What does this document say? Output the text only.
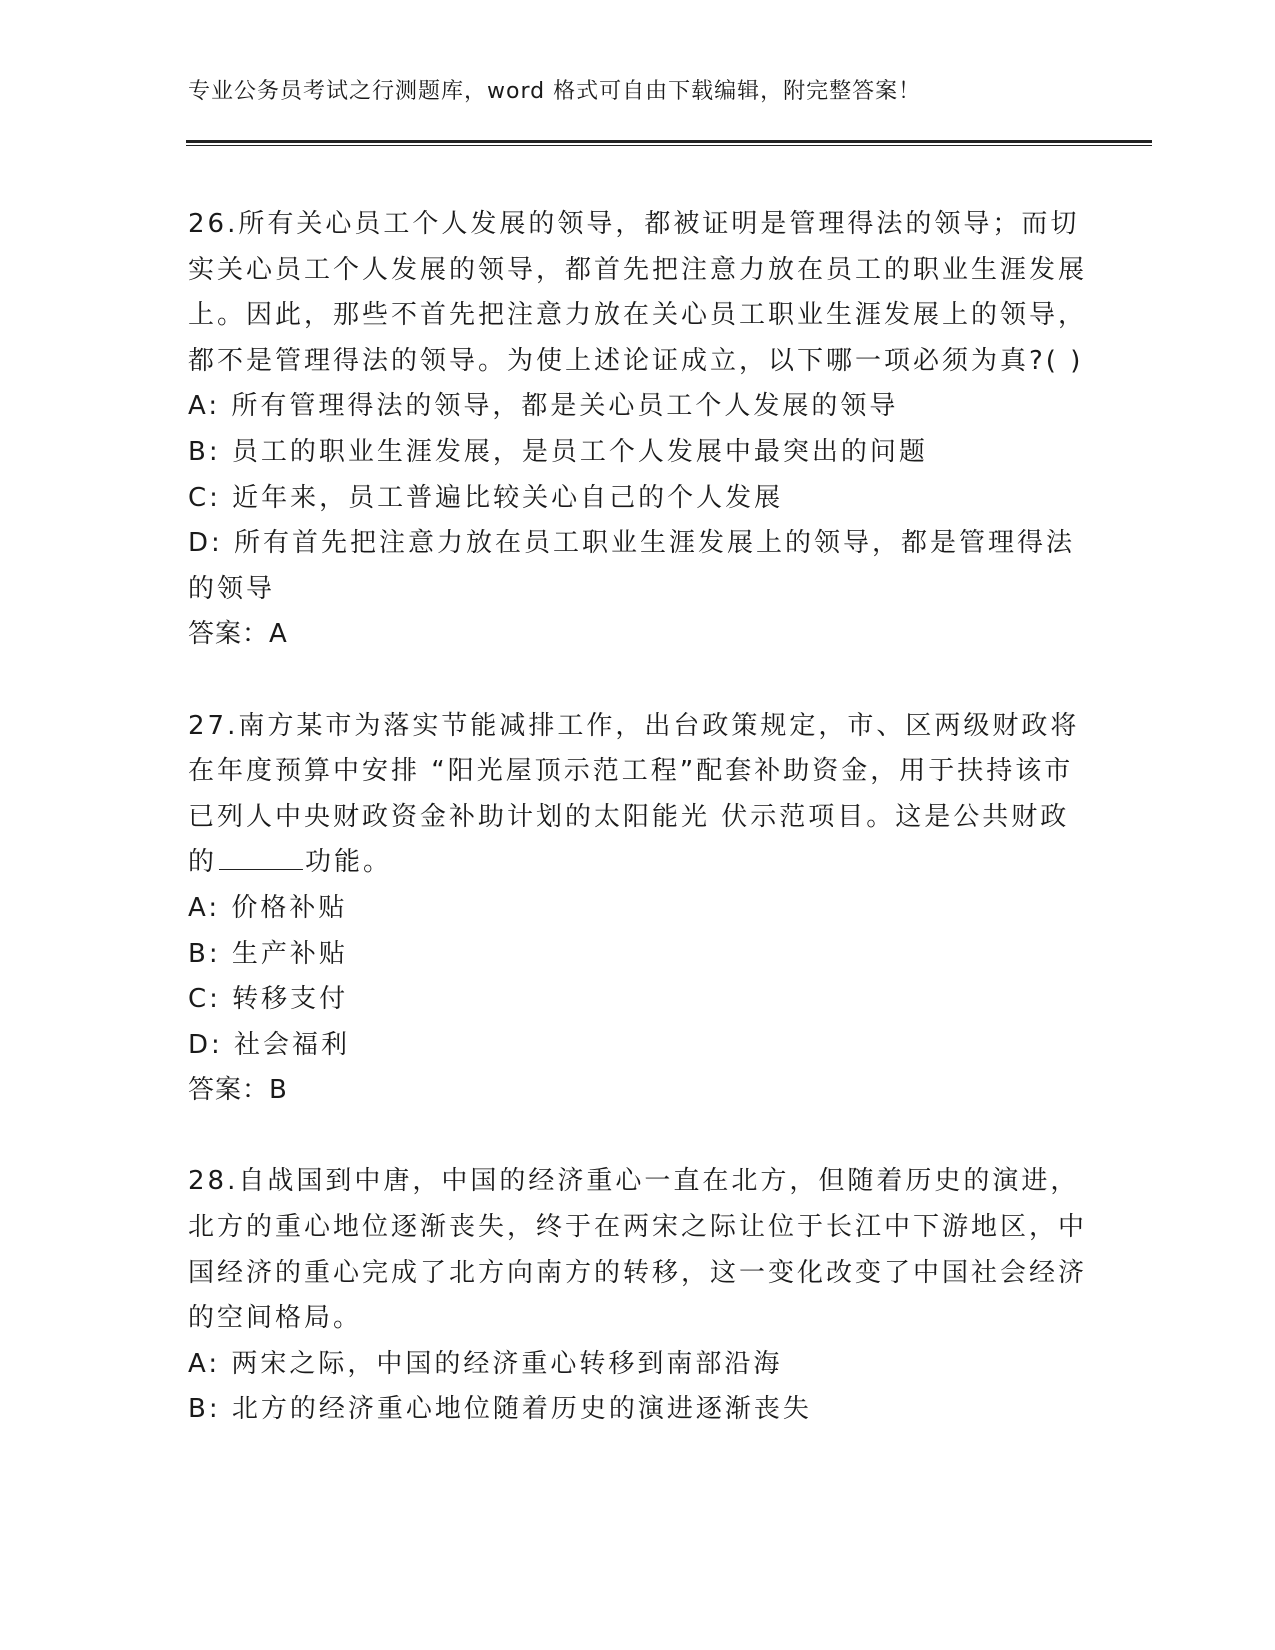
专业公务员考试之行测题库，word 格式可自由下载编辑，附完整答案！

26.所有关心员工个人发展的领导，都被证明是管理得法的领导；而切实关心员工个人发展的领导，都首先把注意力放在员工的职业生涯发展上。因此，那些不首先把注意力放在关心员工职业生涯发展上的领导，都不是管理得法的领导。为使上述论证成立，以下哪一项必须为真?( )

A: 所有管理得法的领导，都是关心员工个人发展的领导

B: 员工的职业生涯发展，是员工个人发展中最突出的问题

C: 近年来，员工普遍比较关心自己的个人发展

D: 所有首先把注意力放在员工职业生涯发展上的领导，都是管理得法的领导

答案：A

27.南方某市为落实节能减排工作，出台政策规定，市、区两级财政将在年度预算中安排 “阳光屋顶示范工程”配套补助资金，用于扶持该市已列人中央财政资金补助计划的太阳能光 伏示范项目。这是公共财政的	功能。

A: 价格补贴

B: 生产补贴

C: 转移支付

D: 社会福利

答案：B

28.自战国到中唐，中国的经济重心一直在北方，但随着历史的演进，北方的重心地位逐渐丧失，终于在两宋之际让位于长江中下游地区，中国经济的重心完成了北方向南方的转移，这一变化改变了中国社会经济的空间格局。

A: 两宋之际，中国的经济重心转移到南部沿海

B: 北方的经济重心地位随着历史的演进逐渐丧失
